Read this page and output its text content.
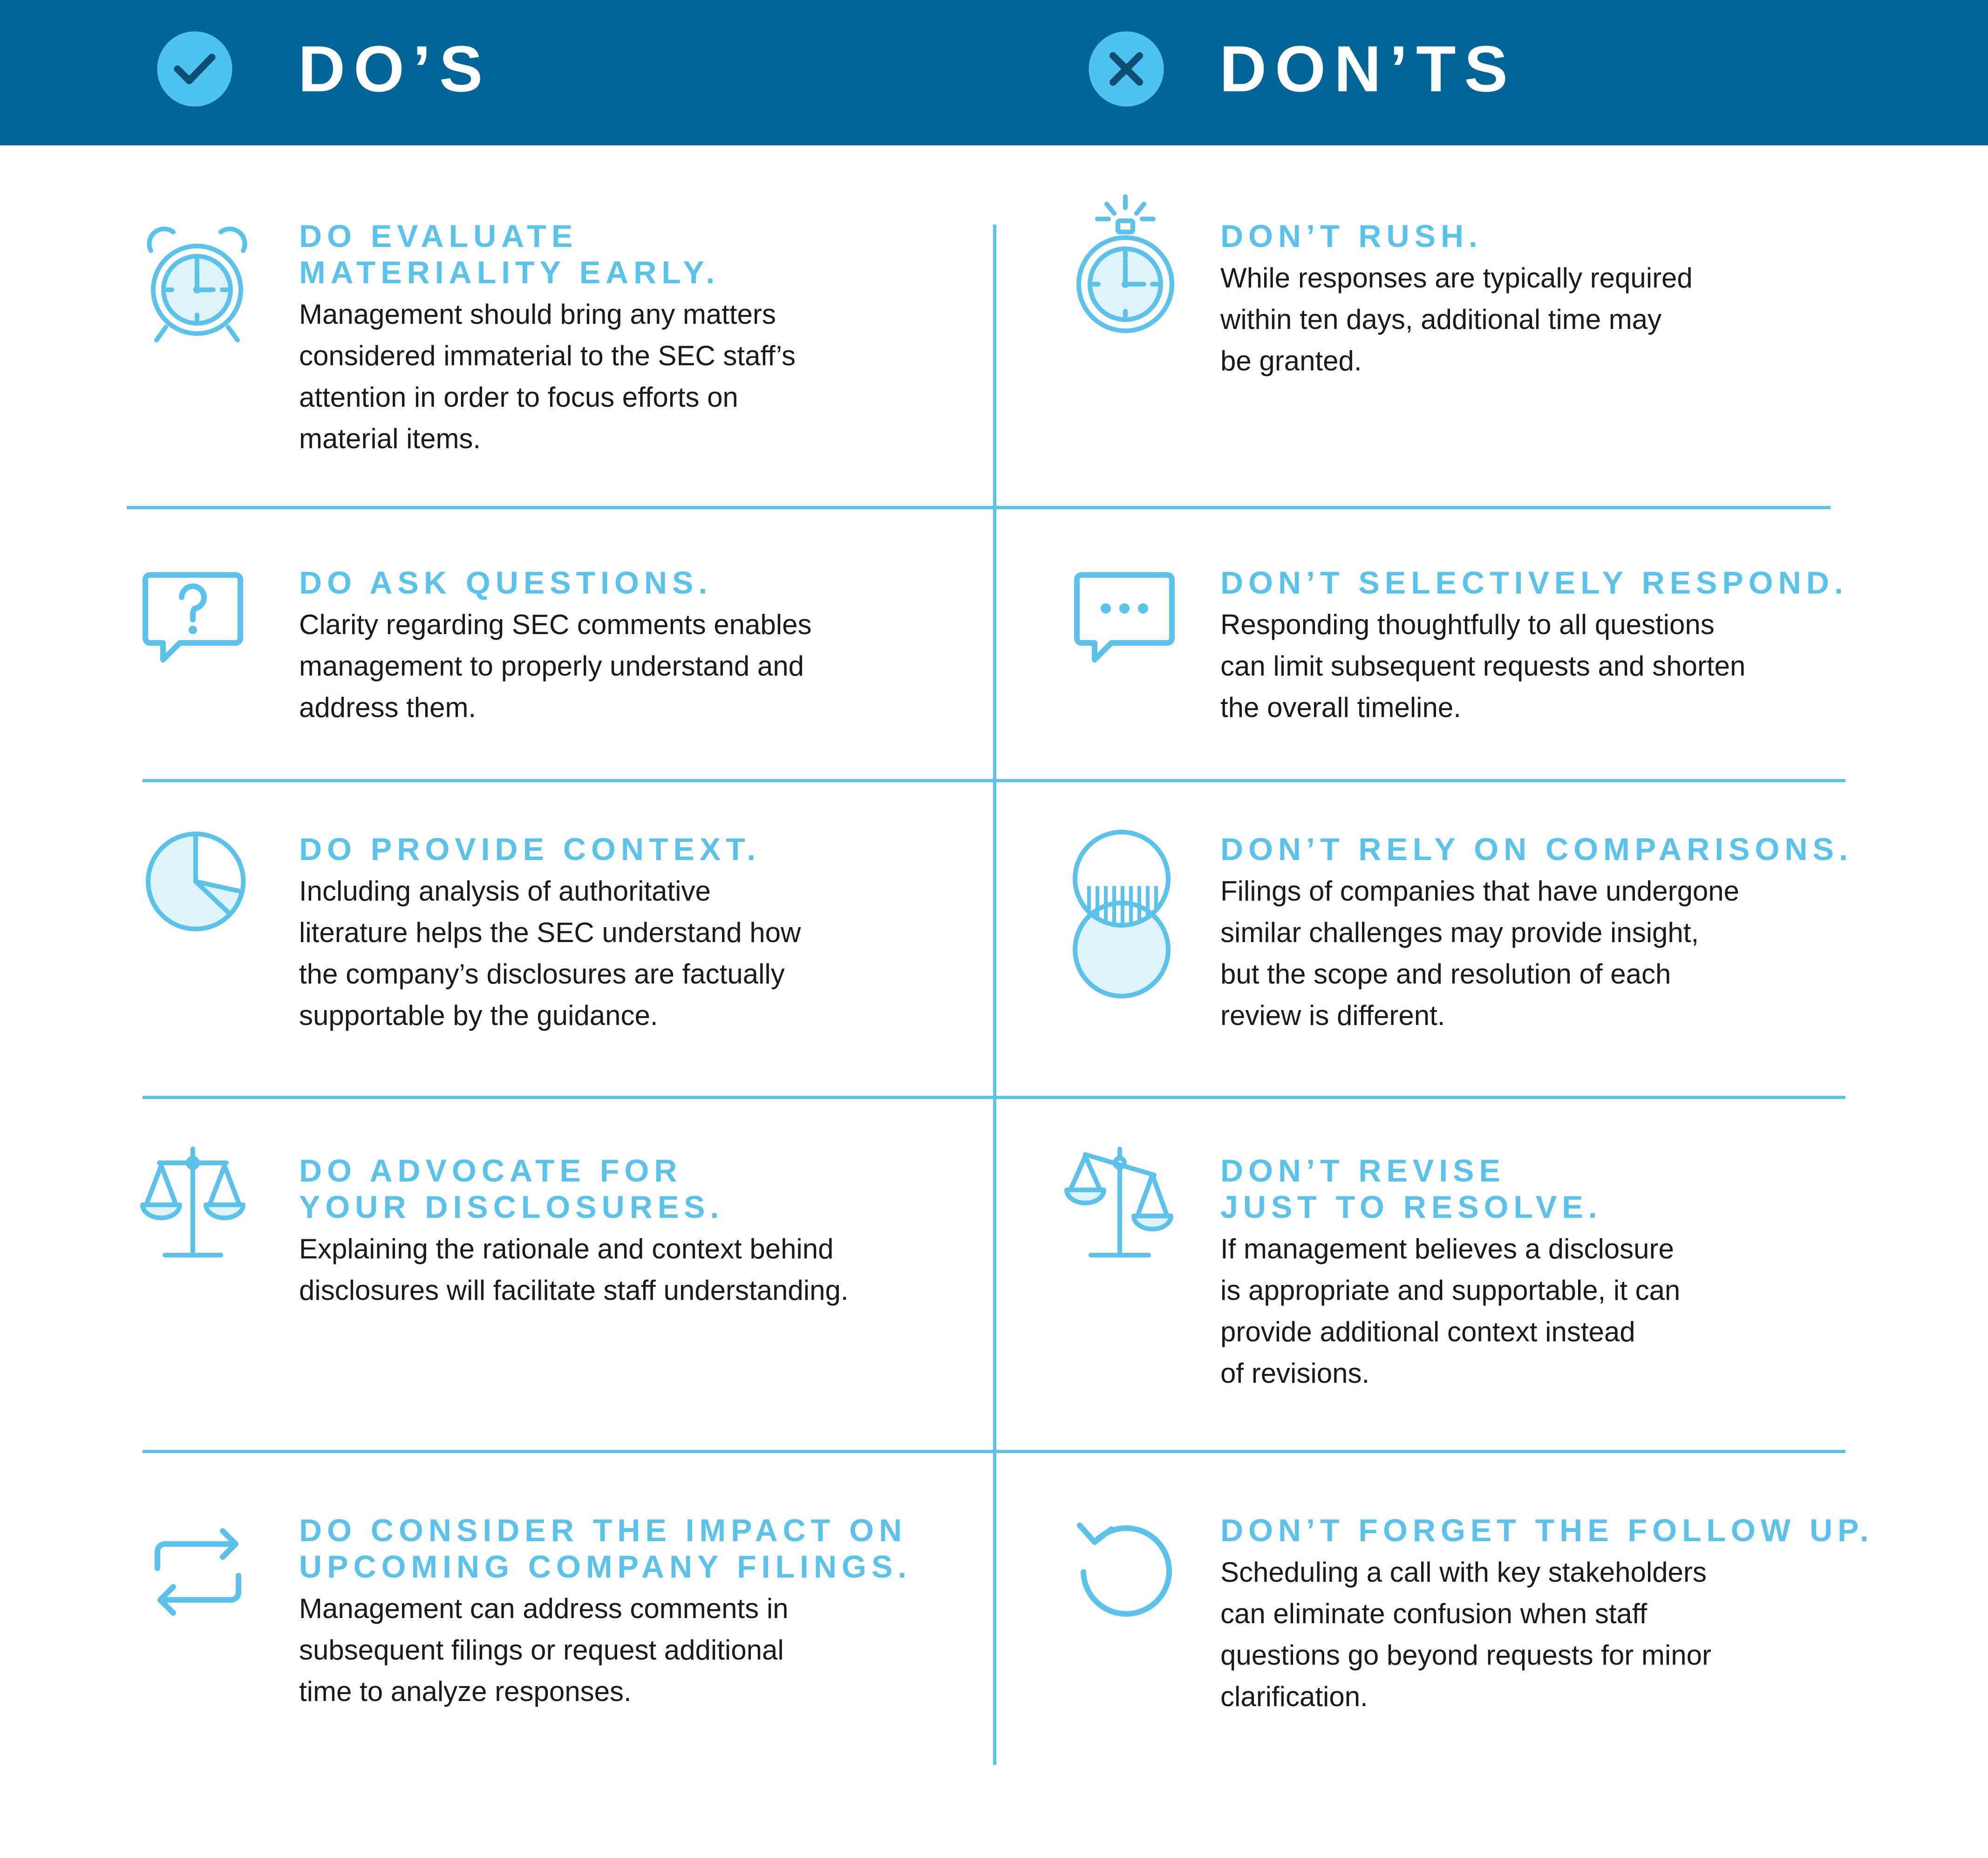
DO’S	DON’TS
DO EVALUATE
MATERIALITY EARLY.

Management should bring any matters
considered immaterial to the SEC staff’s
attention in order to focus efforts on
material items.

DO ASK QUESTIONS.

Clarity regarding SEC comments enables
management to properly understand and
address them.

DO PROVIDE CONTEXT.

Including analysis of authoritative
literature helps the SEC understand how
the company’s disclosures are factually
supportable by the guidance.

DO ADVOCATE FOR
YOUR DISCLOSURES.

Explaining the rationale and context behind
disclosures will facilitate staff understanding.

DO CONSIDER THE IMPACT ON
UPCOMING COMPANY FILINGS.

Management can address comments in
subsequent filings or request additional
time to analyze responses.

DON’T RUSH.

While responses are typically required
within ten days, additional time may
be granted.

DON’T SELECTIVELY RESPOND.

Responding thoughtfully to all questions
can limit subsequent requests and shorten
the overall timeline.

DON’T RELY ON COMPARISONS.

Filings of companies that have undergone
similar challenges may provide insight,
but the scope and resolution of each
review is different.

DON’T REVISE
JUST TO RESOLVE.

If management believes a disclosure
is appropriate and supportable, it can
provide additional context instead
of revisions.

DON’T FORGET THE FOLLOW UP.

Scheduling a call with key stakeholders
can eliminate confusion when staff
questions go beyond requests for minor
clarification.
